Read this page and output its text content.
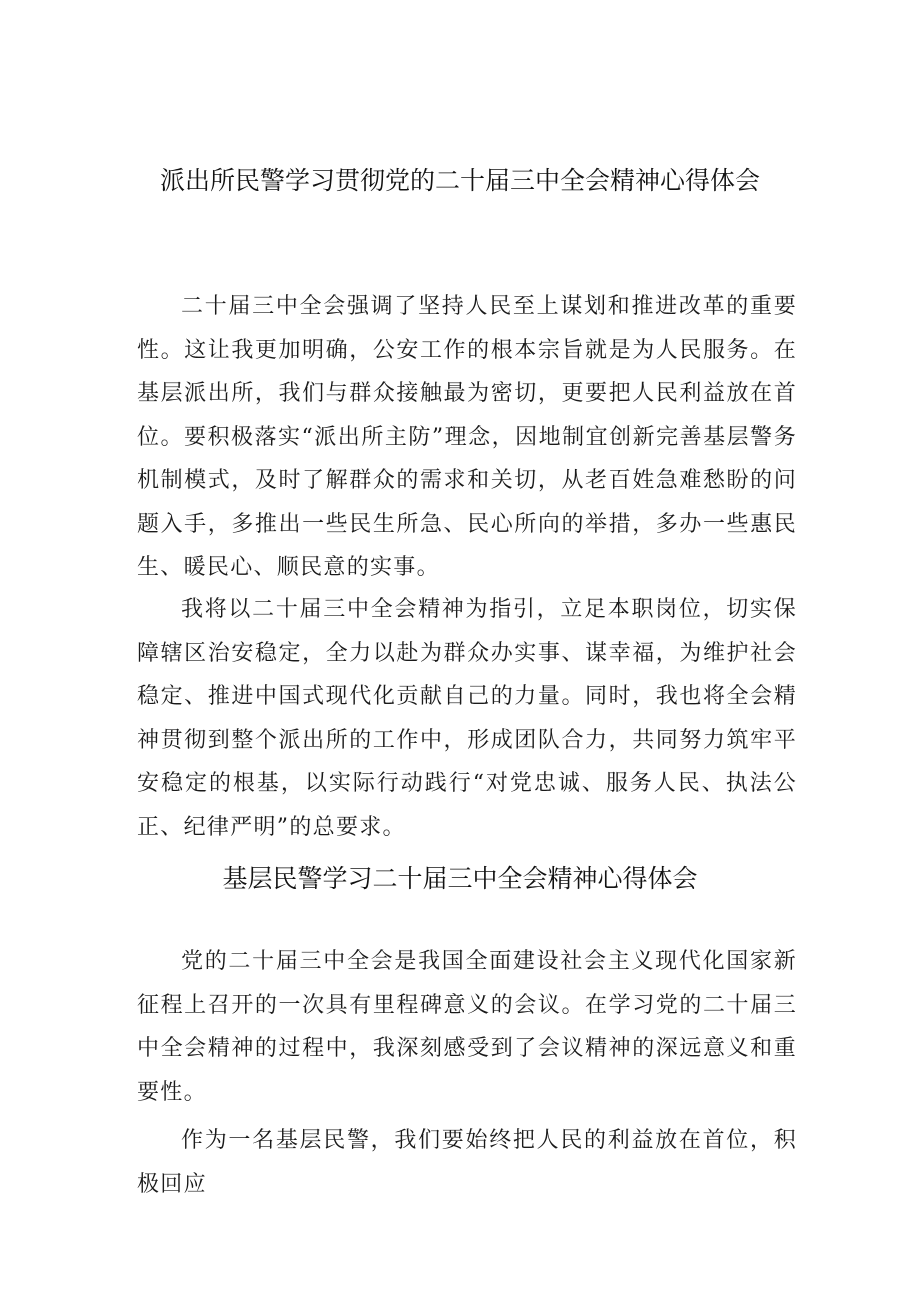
派出所民警学习贯彻党的二十届三中全会精神心得体会

二十届三中全会强调了坚持人民至上谋划和推进改革的重要性。这让我更加明确，公安工作的根本宗旨就是为人民服务。在基层派出所，我们与群众接触最为密切，更要把人民利益放在首位。要积极落实“派出所主防”理念，因地制宜创新完善基层警务机制模式，及时了解群众的需求和关切，从老百姓急难愁盼的问题入手，多推出一些民生所急、民心所向的举措，多办一些惠民生、暖民心、顺民意的实事。

我将以二十届三中全会精神为指引，立足本职岗位，切实保障辖区治安稳定，全力以赴为群众办实事、谋幸福，为维护社会稳定、推进中国式现代化贡献自己的力量。同时，我也将全会精神贯彻到整个派出所的工作中，形成团队合力，共同努力筑牢平安稳定的根基，以实际行动践行“对党忠诚、服务人民、执法公正、纪律严明”的总要求。

基层民警学习二十届三中全会精神心得体会

党的二十届三中全会是我国全面建设社会主义现代化国家新征程上召开的一次具有里程碑意义的会议。在学习党的二十届三中全会精神的过程中，我深刻感受到了会议精神的深远意义和重要性。

作为一名基层民警，我们要始终把人民的利益放在首位，积极回应
